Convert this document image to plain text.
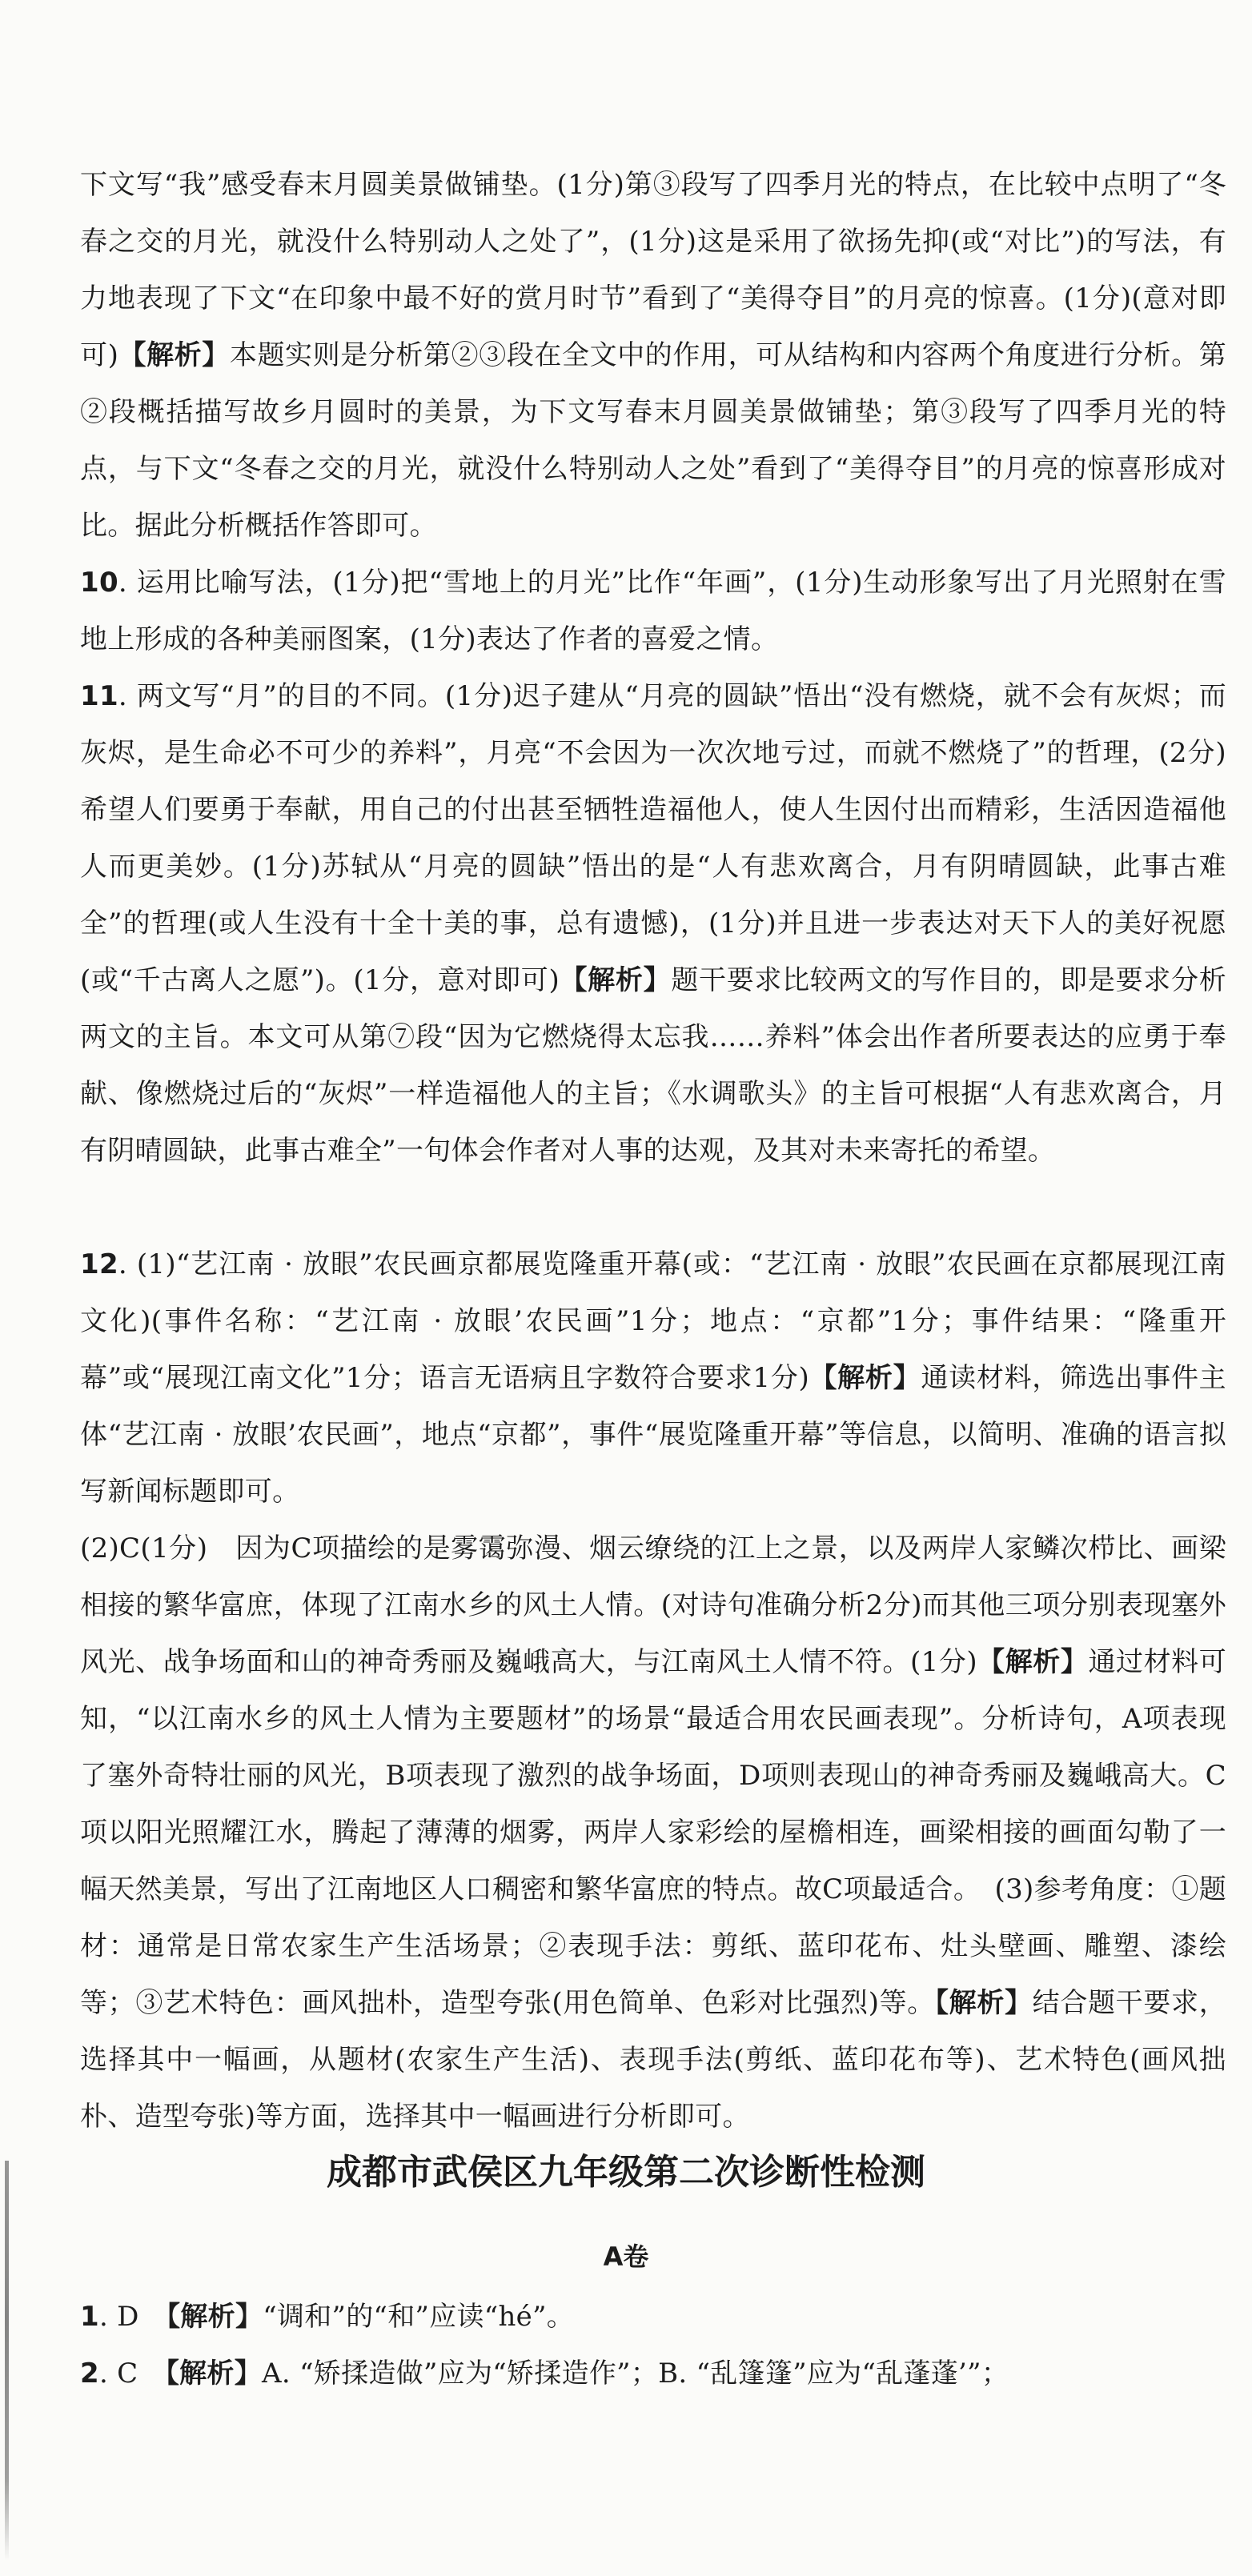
下文写“我”感受春末月圆美景做铺垫。(1分)第③段写了四季月光的特点，在比较中点明了“冬春之交的月光，就没什么特别动人之处了”，(1分)这是采用了欲扬先抑(或“对比”)的写法，有力地表现了下文“在印象中最不好的赏月时节”看到了“美得夺目”的月亮的惊喜。(1分)(意对即可)【解析】本题实则是分析第②③段在全文中的作用，可从结构和内容两个角度进行分析。第②段概括描写故乡月圆时的美景，为下文写春末月圆美景做铺垫；第③段写了四季月光的特点，与下文“冬春之交的月光，就没什么特别动人之处”看到了“美得夺目”的月亮的惊喜形成对比。据此分析概括作答即可。

10. 运用比喻写法，(1分)把“雪地上的月光”比作“年画”，(1分)生动形象写出了月光照射在雪地上形成的各种美丽图案，(1分)表达了作者的喜爱之情。

11. 两文写“月”的目的不同。(1分)迟子建从“月亮的圆缺”悟出“没有燃烧，就不会有灰烬；而灰烬，是生命必不可少的养料”，月亮“不会因为一次次地亏过，而就不燃烧了”的哲理，(2分)希望人们要勇于奉献，用自己的付出甚至牺牲造福他人，使人生因付出而精彩，生活因造福他人而更美妙。(1分)苏轼从“月亮的圆缺”悟出的是“人有悲欢离合，月有阴晴圆缺，此事古难全”的哲理(或人生没有十全十美的事，总有遗憾)，(1分)并且进一步表达对天下人的美好祝愿(或“千古离人之愿”)。(1分，意对即可)【解析】题干要求比较两文的写作目的，即是要求分析两文的主旨。本文可从第⑦段“因为它燃烧得太忘我……养料”体会出作者所要表达的应勇于奉献、像燃烧过后的“灰烬”一样造福他人的主旨；《水调歌头》的主旨可根据“人有悲欢离合，月有阴晴圆缺，此事古难全”一句体会作者对人事的达观，及其对未来寄托的希望。

12. (1)“艺江南 · 放眼”农民画京都展览隆重开幕(或：“艺江南 · 放眼”农民画在京都展现江南文化)(事件名称：“艺江南 · 放眼’农民画”1分；地点：“京都”1分；事件结果：“隆重开幕”或“展现江南文化”1分；语言无语病且字数符合要求1分)【解析】通读材料，筛选出事件主体“艺江南 · 放眼’农民画”，地点“京都”，事件“展览隆重开幕”等信息，以简明、准确的语言拟写新闻标题即可。

(2)C(1分)　因为C项描绘的是雾霭弥漫、烟云缭绕的江上之景，以及两岸人家鳞次栉比、画梁相接的繁华富庶，体现了江南水乡的风土人情。(对诗句准确分析2分)而其他三项分别表现塞外风光、战争场面和山的神奇秀丽及巍峨高大，与江南风土人情不符。(1分)【解析】通过材料可知，“以江南水乡的风土人情为主要题材”的场景“最适合用农民画表现”。分析诗句，A项表现了塞外奇特壮丽的风光，B项表现了激烈的战争场面，D项则表现山的神奇秀丽及巍峨高大。C项以阳光照耀江水，腾起了薄薄的烟雾，两岸人家彩绘的屋檐相连，画梁相接的画面勾勒了一幅天然美景，写出了江南地区人口稠密和繁华富庶的特点。故C项最适合。　(3)参考角度：①题材：通常是日常农家生产生活场景；②表现手法：剪纸、蓝印花布、灶头壁画、雕塑、漆绘等；③艺术特色：画风拙朴，造型夸张(用色简单、色彩对比强烈)等。【解析】结合题干要求，选择其中一幅画，从题材(农家生产生活)、表现手法(剪纸、蓝印花布等)、艺术特色(画风拙朴、造型夸张)等方面，选择其中一幅画进行分析即可。

成都市武侯区九年级第二次诊断性检测
A卷

1. D　 【解析】“调和”的“和”应读“hé”。

2. C　 【解析】A. “矫揉造做”应为“矫揉造作”；B. “乱篷篷”应为“乱蓬蓬’”；
